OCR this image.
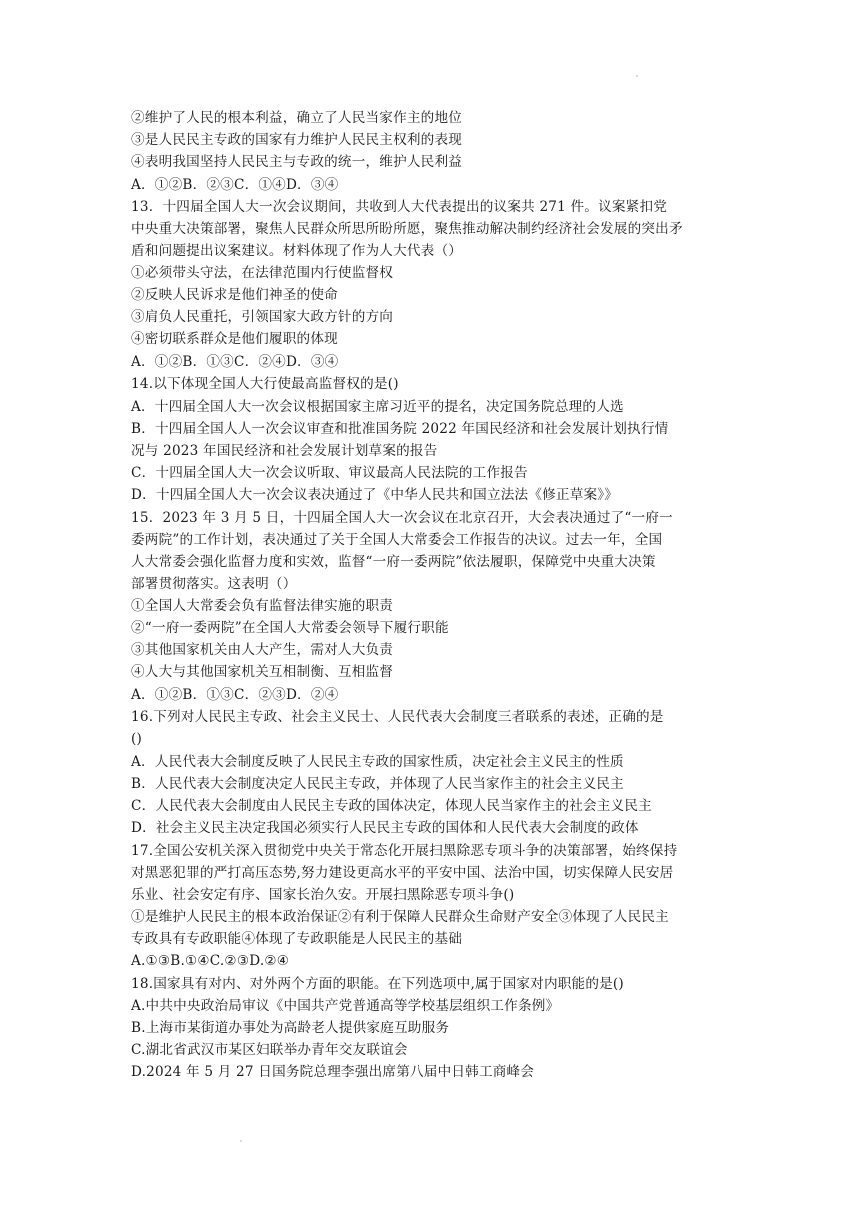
②维护了人民的根本利益，确立了人民当家作主的地位
③是人民民主专政的国家有力维护人民民主权利的表现
④表明我国坚持人民民主与专政的统一，维护人民利益
A．①②B．②③C．①④D．③④
13．十四届全国人大一次会议期间，共收到人大代表提出的议案共 271 件。议案紧扣党
中央重大决策部署，聚焦人民群众所思所盼所愿，聚焦推动解决制约经济社会发展的突出矛
盾和问题提出议案建议。材料体现了作为人大代表（）
①必须带头守法，在法律范围内行使监督权
②反映人民诉求是他们神圣的使命
③肩负人民重托，引领国家大政方针的方向
④密切联系群众是他们履职的体现
A．①②B．①③C．②④D．③④
14.以下体现全国人大行使最高监督权的是()
A．十四届全国人大一次会议根据国家主席习近平的提名，决定国务院总理的人选
B．十四届全国人人一次会议审查和批准国务院 2022 年国民经济和社会发展计划执行情
况与 2023 年国民经济和社会发展计划草案的报告
C．十四届全国人大一次会议听取、审议最高人民法院的工作报告
D．十四届全国人大一次会议表决通过了《中华人民共和国立法法《修正草案》》
15．2023 年 3 月 5 日，十四届全国人大一次会议在北京召开，大会表决通过了“一府一
委两院”的工作计划，表决通过了关于全国人大常委会工作报告的决议。过去一年，全国
人大常委会强化监督力度和实效，监督“一府一委两院”依法履职，保障党中央重大决策
部署贯彻落实。这表明（）
①全国人大常委会负有监督法律实施的职责
②“一府一委两院”在全国人大常委会领导下履行职能
③其他国家机关由人大产生，需对人大负责
④人大与其他国家机关互相制衡、互相监督
A．①②B．①③C．②③D．②④
16.下列对人民民主专政、社会主义民士、人民代表大会制度三者联系的表述，正确的是
()
A．人民代表大会制度反映了人民民主专政的国家性质，决定社会主义民主的性质
B．人民代表大会制度决定人民民主专政，并体现了人民当家作主的社会主义民主
C．人民代表大会制度由人民民主专政的国体决定，体现人民当家作主的社会主义民主
D．社会主义民主决定我国必须实行人民民主专政的国体和人民代表大会制度的政体
17.全国公安机关深入贯彻党中央关于常态化开展扫黑除恶专项斗争的决策部署，始终保持
对黑恶犯罪的严打高压态势,努力建设更高水平的平安中国、法治中国，切实保障人民安居
乐业、社会安定有序、国家长治久安。开展扫黑除恶专项斗争()
①是维护人民民主的根本政治保证②有利于保障人民群众生命财产安全③体现了人民民主
专政具有专政职能④体现了专政职能是人民民主的基础
A.①③B.①④C.②③D.②④
18.国家具有对内、对外两个方面的职能。在下列选项中,属于国家对内职能的是()
A.中共中央政治局审议《中国共产党普通高等学校基层组织工作条例》
B.上海市某街道办事处为高龄老人提供家庭互助服务
C.湖北省武汉市某区妇联举办青年交友联谊会
D.2024 年 5 月 27 日国务院总理李强出席第八届中日韩工商峰会
